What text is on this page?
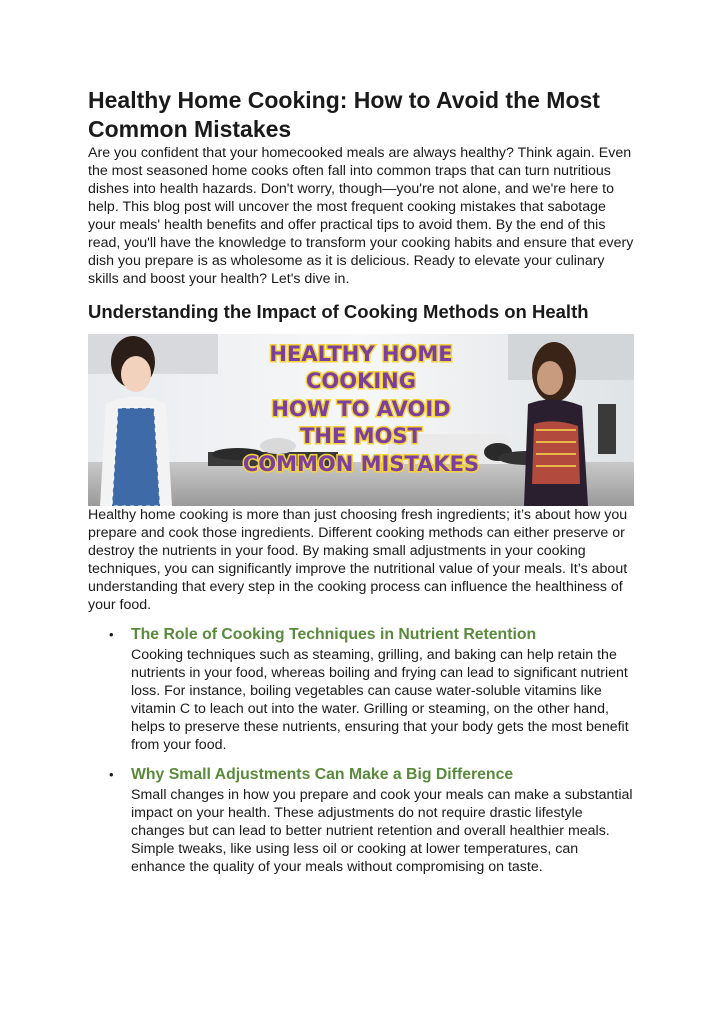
Healthy Home Cooking: How to Avoid the Most Common Mistakes

Are you confident that your homecooked meals are always healthy? Think again. Even the most seasoned home cooks often fall into common traps that can turn nutritious dishes into health hazards. Don't worry, though—you're not alone, and we're here to help. This blog post will uncover the most frequent cooking mistakes that sabotage your meals' health benefits and offer practical tips to avoid them. By the end of this read, you'll have the knowledge to transform your cooking habits and ensure that every dish you prepare is as wholesome as it is delicious. Ready to elevate your culinary skills and boost your health? Let's dive in.

Understanding the Impact of Cooking Methods on Health
HEALTHY HOME
COOKING
HOW TO AVOID
THE MOST
COMMON MISTAKES

Healthy home cooking is more than just choosing fresh ingredients; it’s about how you prepare and cook those ingredients. Different cooking methods can either preserve or destroy the nutrients in your food. By making small adjustments in your cooking techniques, you can significantly improve the nutritional value of your meals. It’s about understanding that every step in the cooking process can influence the healthiness of your food.

• The Role of Cooking Techniques in Nutrient Retention

Cooking techniques such as steaming, grilling, and baking can help retain the nutrients in your food, whereas boiling and frying can lead to significant nutrient loss. For instance, boiling vegetables can cause water-soluble vitamins like vitamin C to leach out into the water. Grilling or steaming, on the other hand, helps to preserve these nutrients, ensuring that your body gets the most benefit from your food.

• Why Small Adjustments Can Make a Big Difference

Small changes in how you prepare and cook your meals can make a substantial impact on your health. These adjustments do not require drastic lifestyle changes but can lead to better nutrient retention and overall healthier meals. Simple tweaks, like using less oil or cooking at lower temperatures, can enhance the quality of your meals without compromising on taste.
